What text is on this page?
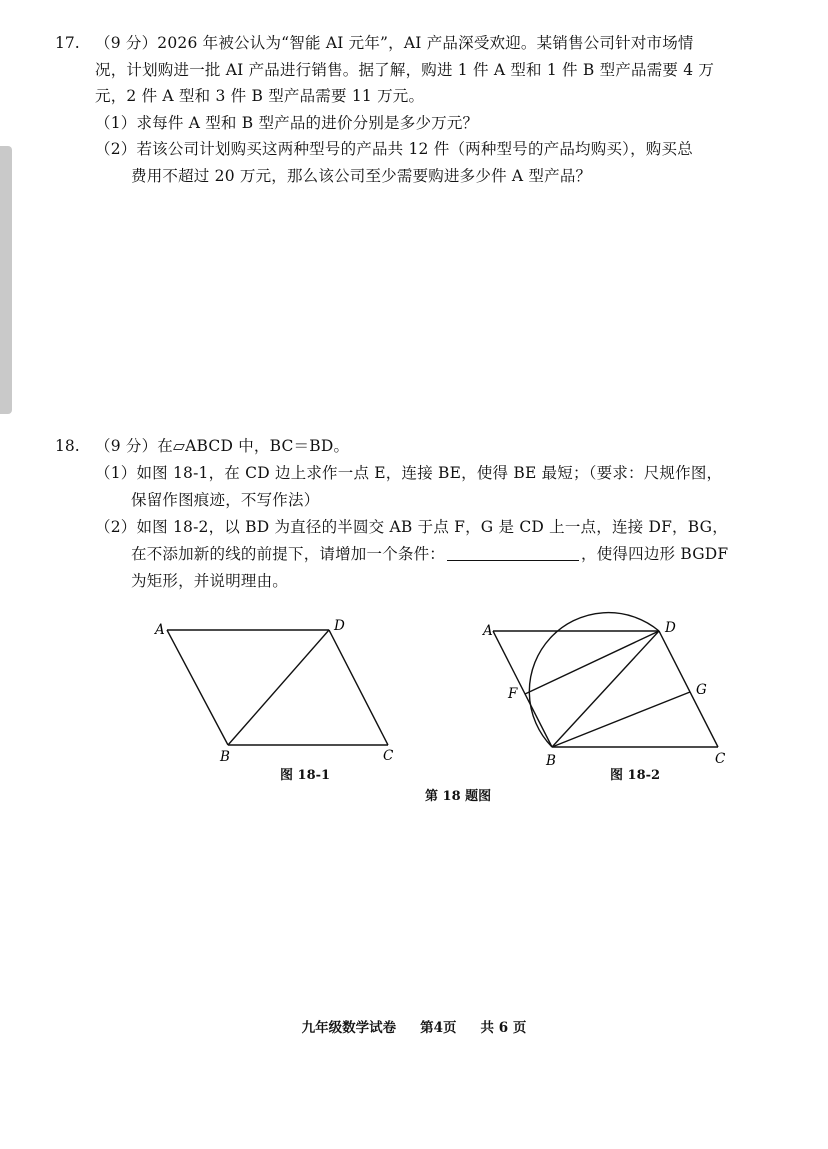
17. （9 分）2026 年被公认为“智能 AI 元年”，AI 产品深受欢迎。某销售公司针对市场情
况，计划购进一批 AI 产品进行销售。据了解，购进 1 件 A 型和 1 件 B 型产品需要 4 万
元，2 件 A 型和 3 件 B 型产品需要 11 万元。
（1）求每件 A 型和 B 型产品的进价分别是多少万元？
（2）若该公司计划购买这两种型号的产品共 12 件（两种型号的产品均购买），购买总
费用不超过 20 万元，那么该公司至少需要购进多少件 A 型产品？
18. （9 分）在▱ABCD 中，BC＝BD。
（1）如图 18-1，在 CD 边上求作一点 E，连接 BE，使得 BE 最短；（要求：尺规作图，
保留作图痕迹，不写作法）
（2）如图 18-2，以 BD 为直径的半圆交 AB 于点 F，G 是 CD 上一点，连接 DF，BG，
在不添加新的线的前提下，请增加一个条件：	，使得四边形 BGDF
为矩形，并说明理由。
A	D
B	C
图 18-1
A	D
F	G
B	C
图 18-2
第 18 题图
九年级数学试卷 第4页 共 6 页
